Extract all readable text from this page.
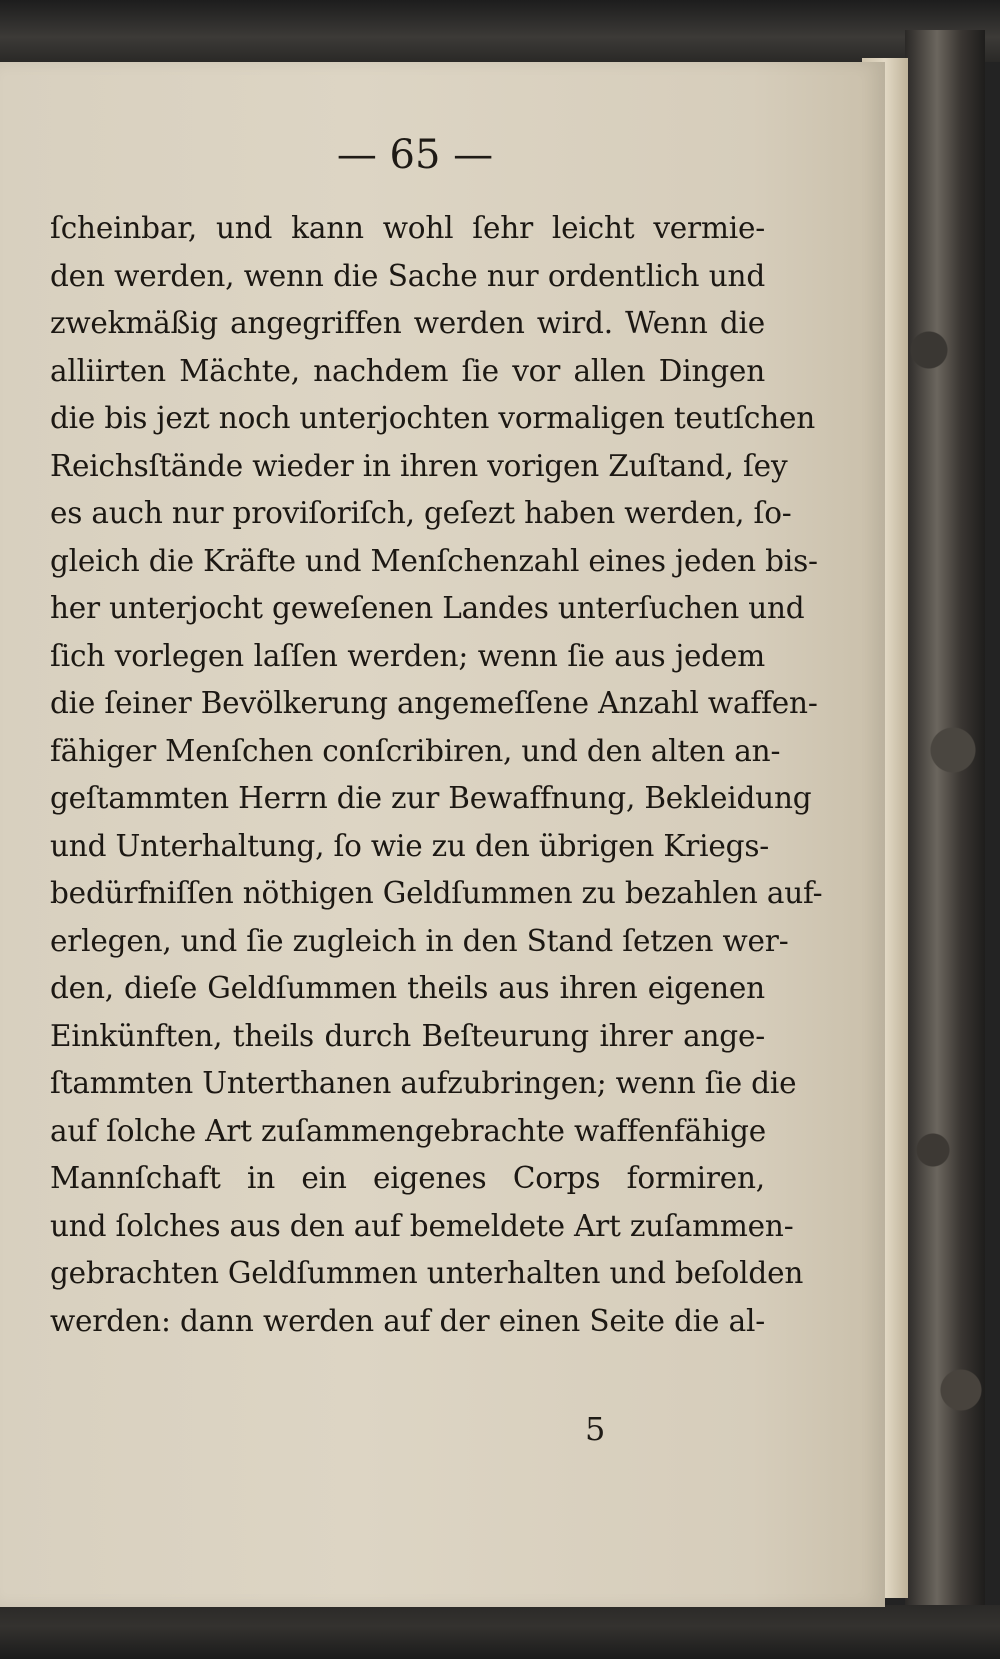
— 65 —
ſcheinbar, und kann wohl ſehr leicht vermie-
den werden, wenn die Sache nur ordentlich und
zwekmäßig angegriffen werden wird. Wenn die
alliirten Mächte, nachdem ſie vor allen Dingen
die bis jezt noch unterjochten vormaligen teutſchen
Reichsſtände wieder in ihren vorigen Zuſtand, ſey
es auch nur proviſoriſch, geſezt haben werden, ſo-
gleich die Kräfte und Menſchenzahl eines jeden bis-
her unterjocht geweſenen Landes unterſuchen und
ſich vorlegen laſſen werden; wenn ſie aus jedem
die ſeiner Bevölkerung angemeſſene Anzahl waffen-
fähiger Menſchen conſcribiren, und den alten an-
geſtammten Herrn die zur Bewaffnung, Bekleidung
und Unterhaltung, ſo wie zu den übrigen Kriegs-
bedürfniſſen nöthigen Geldſummen zu bezahlen auf-
erlegen, und ſie zugleich in den Stand ſetzen wer-
den, dieſe Geldſummen theils aus ihren eigenen
Einkünften, theils durch Beſteurung ihrer ange-
ſtammten Unterthanen aufzubringen; wenn ſie die
auf ſolche Art zuſammengebrachte waffenfähige
Mannſchaft in ein eigenes Corps formiren,
und ſolches aus den auf bemeldete Art zuſammen-
gebrachten Geldſummen unterhalten und beſolden
werden: dann werden auf der einen Seite die al-
5
